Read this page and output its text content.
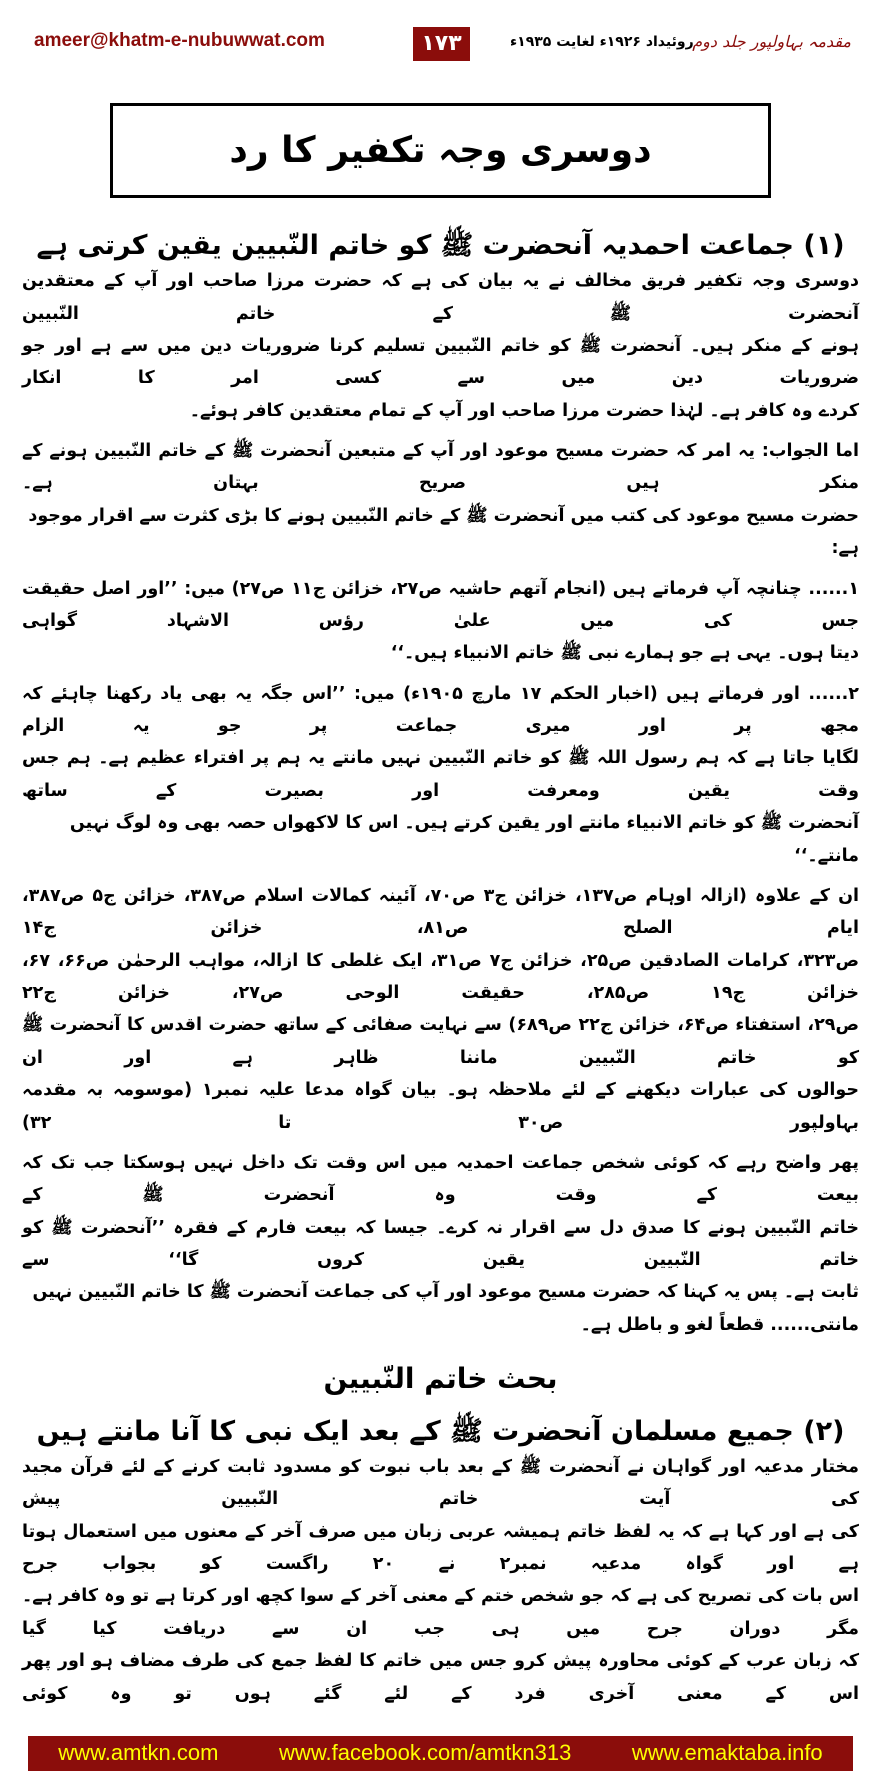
ameer@khatm-e-nubuwwat.com	۱۷۳	روئیداد ۱۹۲۶ء لغایت ۱۹۳۵ء
مقدمہ بہاولپور جلد دوم
دوسری وجہ تکفیر کا رد
(۱) جماعت احمدیہ آنحضرت ﷺ کو خاتم النّبیین یقین کرتی ہے
دوسری وجہ تکفیر فریق مخالف نے یہ بیان کی ہے کہ حضرت مرزا صاحب اور آپ کے معتقدین آنحضرت ﷺ کے خاتم النّبیین
ہونے کے منکر ہیں۔ آنحضرت ﷺ کو خاتم النّبیین تسلیم کرنا ضروریات دین میں سے ہے اور جو ضروریات دین میں سے کسی امر کا انکار
کردے وہ کافر ہے۔ لہٰذا حضرت مرزا صاحب اور آپ کے تمام معتقدین کافر ہوئے۔
اما الجواب: یہ امر کہ حضرت مسیح موعود اور آپ کے متبعین آنحضرت ﷺ کے خاتم النّبیین ہونے کے منکر ہیں صریح بہتان ہے۔
حضرت مسیح موعود کی کتب میں آنحضرت ﷺ کے خاتم النّبیین ہونے کا بڑی کثرت سے اقرار موجود ہے:
۱...... چنانچہ آپ فرماتے ہیں (انجام آتھم حاشیہ ص۲۷، خزائن ج۱۱ ص۲۷) میں: ’’اور اصل حقیقت جس کی میں علیٰ رؤس الاشہاد گواہی
دیتا ہوں۔ یہی ہے جو ہمارے نبی ﷺ خاتم الانبیاء ہیں۔‘‘
۲...... اور فرماتے ہیں (اخبار الحکم ۱۷ مارچ ۱۹۰۵ء) میں: ’’اس جگہ یہ بھی یاد رکھنا چاہئے کہ مجھ پر اور میری جماعت پر جو یہ الزام
لگایا جاتا ہے کہ ہم رسول اللہ ﷺ کو خاتم النّبیین نہیں مانتے یہ ہم پر افتراء عظیم ہے۔ ہم جس وقت یقین ومعرفت اور بصیرت کے ساتھ
آنحضرت ﷺ کو خاتم الانبیاء مانتے اور یقین کرتے ہیں۔ اس کا لاکھواں حصہ بھی وہ لوگ نہیں مانتے۔‘‘
ان کے علاوہ (ازالہ اوہام ص۱۳۷، خزائن ج۳ ص۷۰، آئینہ کمالات اسلام ص۳۸۷، خزائن ج۵ ص۳۸۷، ایام الصلح ص۸۱، خزائن ج۱۴
ص۳۲۳، کرامات الصادقین ص۲۵، خزائن ج۷ ص۳۱، ایک غلطی کا ازالہ، مواہب الرحمٰن ص۶۶، ۶۷، خزائن ج۱۹ ص۲۸۵، حقیقت الوحی ص۲۷، خزائن ج۲۲
ص۲۹، استفتاء ص۶۴، خزائن ج۲۲ ص۶۸۹) سے نہایت صفائی کے ساتھ حضرت اقدس کا آنحضرت ﷺ کو خاتم النّبیین ماننا ظاہر ہے اور ان
حوالوں کی عبارات دیکھنے کے لئے ملاحظہ ہو۔ بیان گواہ مدعا علیہ نمبر۱ (موسومہ بہ مقدمہ بہاولپور ص۳۰ تا ۳۲)
پھر واضح رہے کہ کوئی شخص جماعت احمدیہ میں اس وقت تک داخل نہیں ہوسکتا جب تک کہ بیعت کے وقت وہ آنحضرت ﷺ کے
خاتم النّبیین ہونے کا صدق دل سے اقرار نہ کرے۔ جیسا کہ بیعت فارم کے فقرہ ’’آنحضرت ﷺ کو خاتم النّبیین یقین کروں گا‘‘ سے
ثابت ہے۔ پس یہ کہنا کہ حضرت مسیح موعود اور آپ کی جماعت آنحضرت ﷺ کا خاتم النّبیین نہیں مانتی...... قطعاً لغو و باطل ہے۔
بحث خاتم النّبیین
(۲) جمیع مسلمان آنحضرت ﷺ کے بعد ایک نبی کا آنا مانتے ہیں
مختار مدعیہ اور گواہان نے آنحضرت ﷺ کے بعد باب نبوت کو مسدود ثابت کرنے کے لئے قرآن مجید کی آیت خاتم النّبیین پیش
کی ہے اور کہا ہے کہ یہ لفظ خاتم ہمیشہ عربی زبان میں صرف آخر کے معنوں میں استعمال ہوتا ہے اور گواہ مدعیہ نمبر۲ نے ۲۰ راگست کو بجواب جرح
اس بات کی تصریح کی ہے کہ جو شخص ختم کے معنی آخر کے سوا کچھ اور کرتا ہے تو وہ کافر ہے۔ مگر دوران جرح میں ہی جب ان سے دریافت کیا گیا
کہ زبان عرب کے کوئی محاورہ پیش کرو جس میں خاتم کا لفظ جمع کی طرف مضاف ہو اور پھر اس کے معنی آخری فرد کے لئے گئے ہوں تو وہ کوئی
www.amtkn.com	www.facebook.com/amtkn313	www.emaktaba.info
